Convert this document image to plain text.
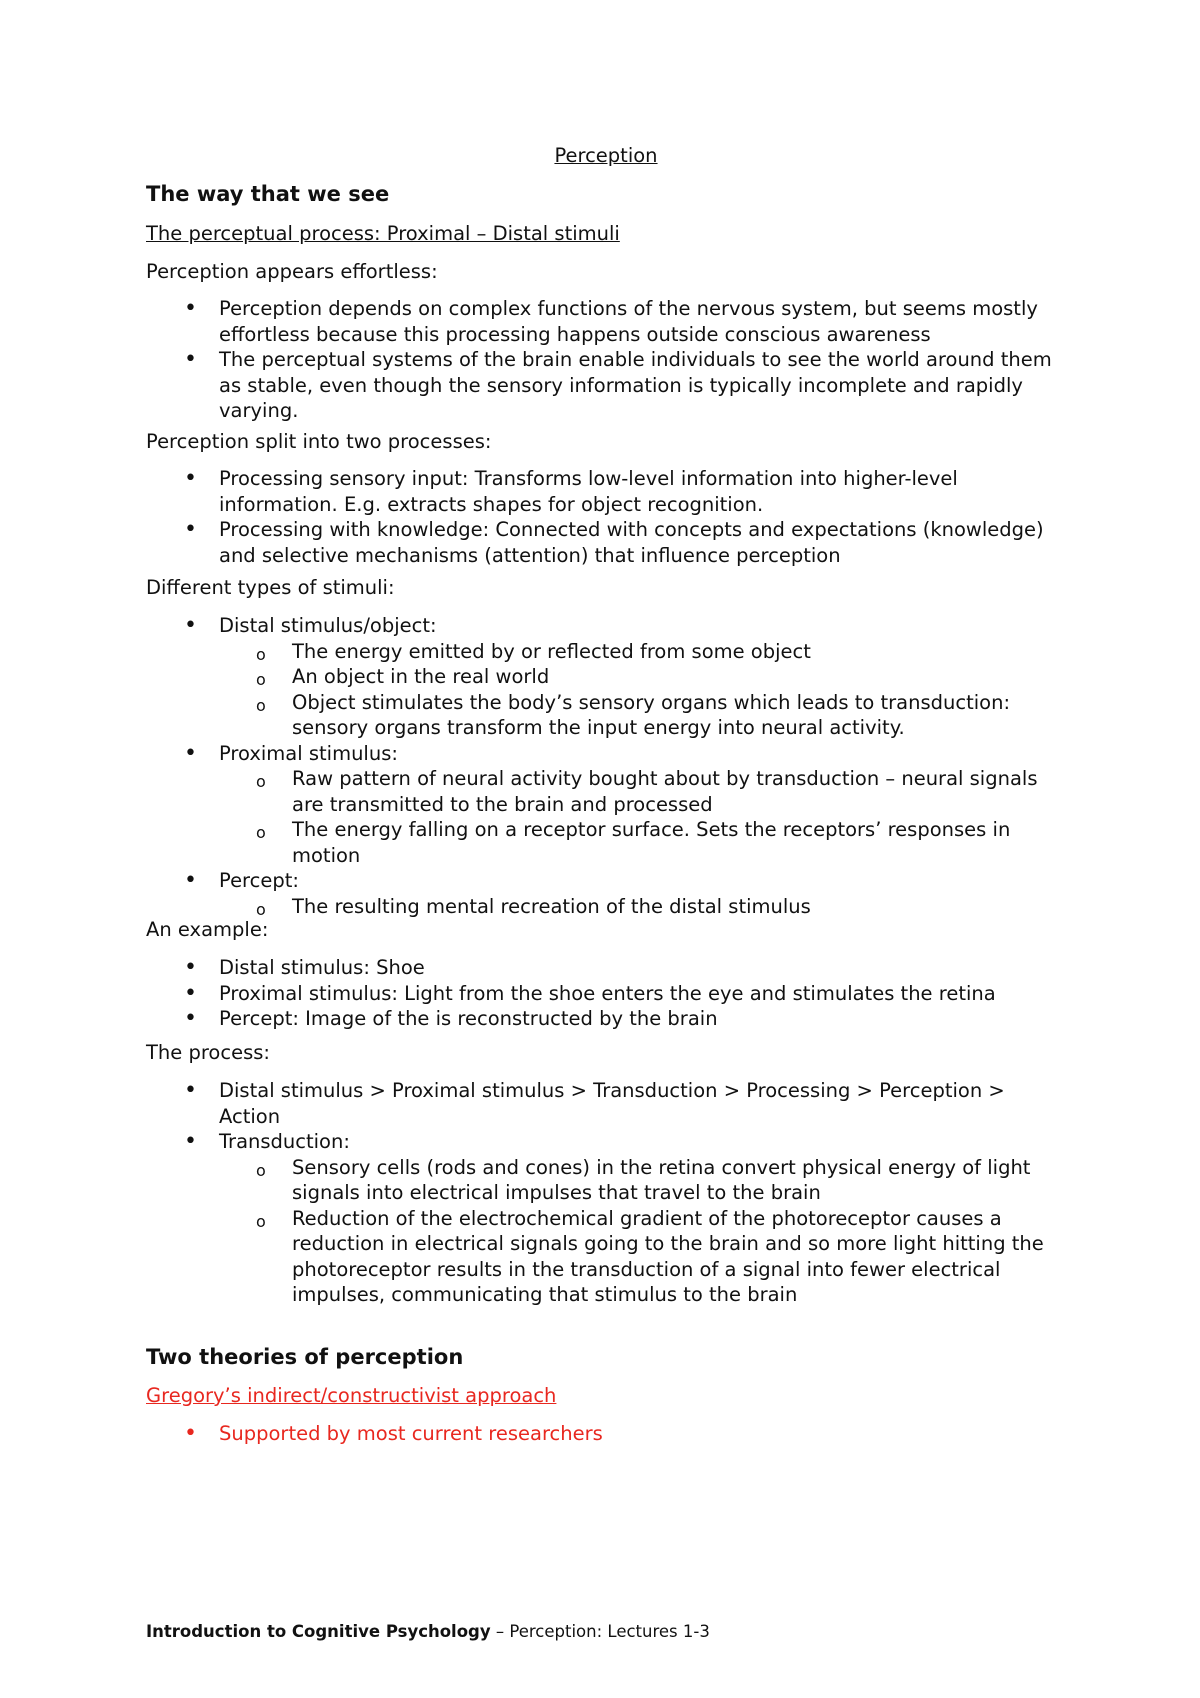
Perception

The way that we see

The perceptual process: Proximal – Distal stimuli

Perception appears effortless:

• Perception depends on complex functions of the nervous system, but seems mostly effortless because this processing happens outside conscious awareness
• The perceptual systems of the brain enable individuals to see the world around them as stable, even though the sensory information is typically incomplete and rapidly varying.

Perception split into two processes:

• Processing sensory input: Transforms low-level information into higher-level information. E.g. extracts shapes for object recognition.
• Processing with knowledge: Connected with concepts and expectations (knowledge) and selective mechanisms (attention) that influence perception

Different types of stimuli:

• Distal stimulus/object:
o The energy emitted by or reflected from some object
o An object in the real world
o Object stimulates the body’s sensory organs which leads to transduction: sensory organs transform the input energy into neural activity.
• Proximal stimulus:
o Raw pattern of neural activity bought about by transduction – neural signals are transmitted to the brain and processed
o The energy falling on a receptor surface. Sets the receptors’ responses in motion
• Percept:
o The resulting mental recreation of the distal stimulus

An example:

• Distal stimulus: Shoe
• Proximal stimulus: Light from the shoe enters the eye and stimulates the retina
• Percept: Image of the is reconstructed by the brain

The process:

• Distal stimulus > Proximal stimulus > Transduction > Processing > Perception > Action
• Transduction:
o Sensory cells (rods and cones) in the retina convert physical energy of light signals into electrical impulses that travel to the brain
o Reduction of the electrochemical gradient of the photoreceptor causes a reduction in electrical signals going to the brain and so more light hitting the photoreceptor results in the transduction of a signal into fewer electrical impulses, communicating that stimulus to the brain

Two theories of perception

Gregory’s indirect/constructivist approach

• Supported by most current researchers
Introduction to Cognitive Psychology – Perception: Lectures 1-3
